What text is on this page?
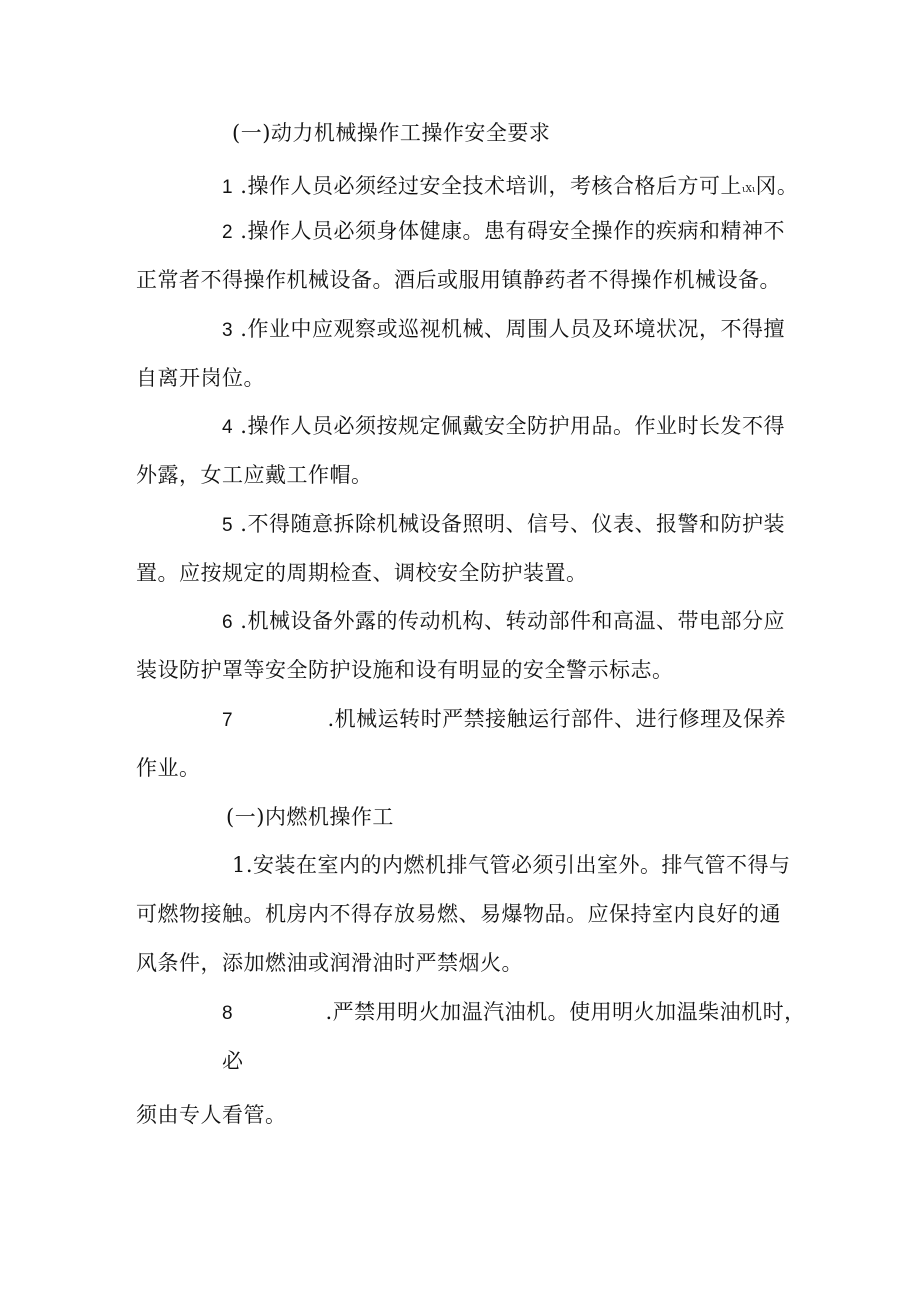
(一)动力机械操作工操作安全要求
1 .操作人员必须经过安全技术培训，考核合格后方可上ιXι冈。
2 .操作人员必须身体健康。患有碍安全操作的疾病和精神不
正常者不得操作机械设备。酒后或服用镇静药者不得操作机械设备。
3 .作业中应观察或巡视机械、周围人员及环境状况，不得擅
自离开岗位。
4 .操作人员必须按规定佩戴安全防护用品。作业时长发不得
外露，女工应戴工作帽。
5 .不得随意拆除机械设备照明、信号、仪表、报警和防护装
置。应按规定的周期检查、调校安全防护装置。
6 .机械设备外露的传动机构、转动部件和高温、带电部分应
装设防护罩等安全防护设施和设有明显的安全警示标志。
7	.机械运转时严禁接触运行部件、进行修理及保养
作业。
(一)内燃机操作工
1.安装在室内的内燃机排气管必须引出室外。排气管不得与
可燃物接触。机房内不得存放易燃、易爆物品。应保持室内良好的通
风条件，添加燃油或润滑油时严禁烟火。
8	.严禁用明火加温汽油机。使用明火加温柴油机时，
必
须由专人看管。
